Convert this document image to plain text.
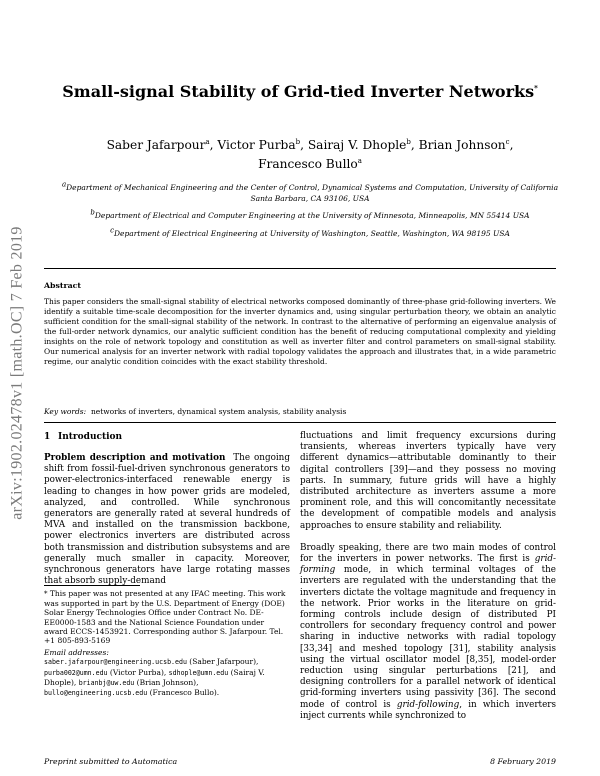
arXiv:1902.02478v1 [math.OC] 7 Feb 2019
Small-signal Stability of Grid-tied Inverter Networks*
Saber Jafarpour$^a$, Victor Purba$^b$, Sairaj V. Dhople$^b$, Brian Johnson$^c$,
Francesco Bullo$^a$
$^a$Department of Mechanical Engineering and the Center of Control, Dynamical Systems and Computation, University of California Santa Barbara, CA 93106, USA
$^b$Department of Electrical and Computer Engineering at the University of Minnesota, Minneapolis, MN 55414 USA
$^c$Department of Electrical Engineering at University of Washington, Seattle, Washington, WA 98195 USA
Abstract
This paper considers the small-signal stability of electrical networks composed dominantly of three-phase grid-following inverters. We identify a suitable time-scale decomposition for the inverter dynamics and, using singular perturbation theory, we obtain an analytic sufficient condition for the small-signal stability of the network. In contrast to the alternative of performing an eigenvalue analysis of the full-order network dynamics, our analytic sufficient condition has the benefit of reducing computational complexity and yielding insights on the role of network topology and constitution as well as inverter filter and control parameters on small-signal stability. Our numerical analysis for an inverter network with radial topology validates the approach and illustrates that, in a wide parametric regime, our analytic condition coincides with the exact stability threshold.
Key words: networks of inverters, dynamical system analysis, stability analysis
1 Introduction
Problem description and motivation The ongoing shift from fossil-fuel-driven synchronous generators to power-electronics-interfaced renewable energy is leading to changes in how power grids are modeled, analyzed, and controlled. While synchronous generators are generally rated at several hundreds of MVA and installed on the transmission backbone, power electronics inverters are distributed across both transmission and distribution subsystems and are generally much smaller in capacity. Moreover, synchronous generators have large rotating masses that absorb supply-demand
* This paper was not presented at any IFAC meeting. This work was supported in part by the U.S. Department of Energy (DOE) Solar Energy Technologies Office under Contract No. DE-EE0000-1583 and the National Science Foundation under award ECCS-1453921. Corresponding author S. Jafarpour. Tel. +1 805-893-5169
Email addresses:
saber.jafarpour@engineering.ucsb.edu (Saber Jafarpour), purba002@umn.edu (Victor Purba), sdhople@umn.edu (Sairaj V. Dhople), brianbj@uw.edu (Brian Johnson), bullo@engineering.ucsb.edu (Francesco Bullo).

fluctuations and limit frequency excursions during transients, whereas inverters typically have very different dynamics—attributable dominantly to their digital controllers [39]—and they possess no moving parts. In summary, future grids will have a highly distributed architecture as inverters assume a more prominent role, and this will concomitantly necessitate the development of compatible models and analysis approaches to ensure stability and reliability.

Broadly speaking, there are two main modes of control for the inverters in power networks. The first is grid-forming mode, in which terminal voltages of the inverters are regulated with the understanding that the inverters dictate the voltage magnitude and frequency in the network. Prior works in the literature on grid-forming controls include design of distributed PI controllers for secondary frequency control and power sharing in inductive networks with radial topology [33,34] and meshed topology [31], stability analysis using the virtual oscillator model [8,35], model-order reduction using singular perturbations [21], and designing controllers for a parallel network of identical grid-forming inverters using passivity [36]. The second mode of control is grid-following, in which inverters inject currents while synchronized to

Preprint submitted to Automatica	8 February 2019
